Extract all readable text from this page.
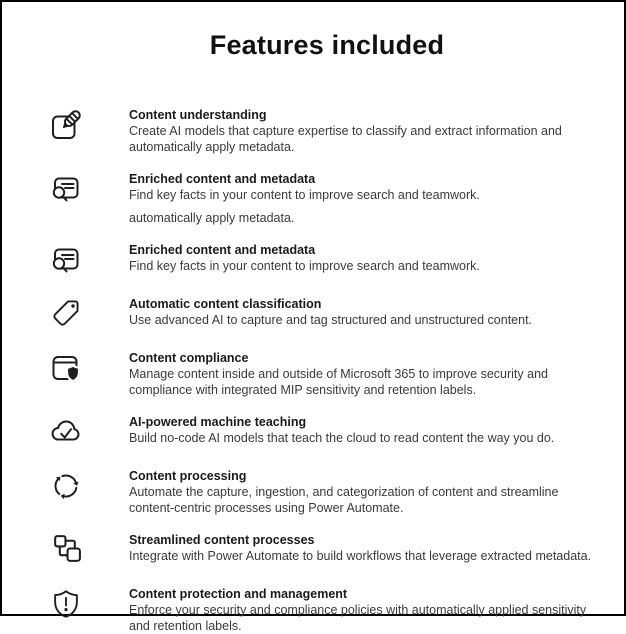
Features included
Content understanding

Create AI models that capture expertise to classify and extract information and automatically apply metadata.

Enriched content and metadata

Find key facts in your content to improve search and teamwork.

automatically apply metadata.

Enriched content and metadata

Find key facts in your content to improve search and teamwork.

Automatic content classification

Use advanced AI to capture and tag structured and unstructured content.

Content compliance

Manage content inside and outside of Microsoft 365 to improve security and compliance with integrated MIP sensitivity and retention labels.

AI-powered machine teaching

Build no-code AI models that teach the cloud to read content the way you do.

Content processing

Automate the capture, ingestion, and categorization of content and streamline content-centric processes using Power Automate.

Streamlined content processes

Integrate with Power Automate to build workflows that leverage extracted metadata.

Content protection and management

Enforce your security and compliance policies with automatically applied sensitivity and retention labels.
